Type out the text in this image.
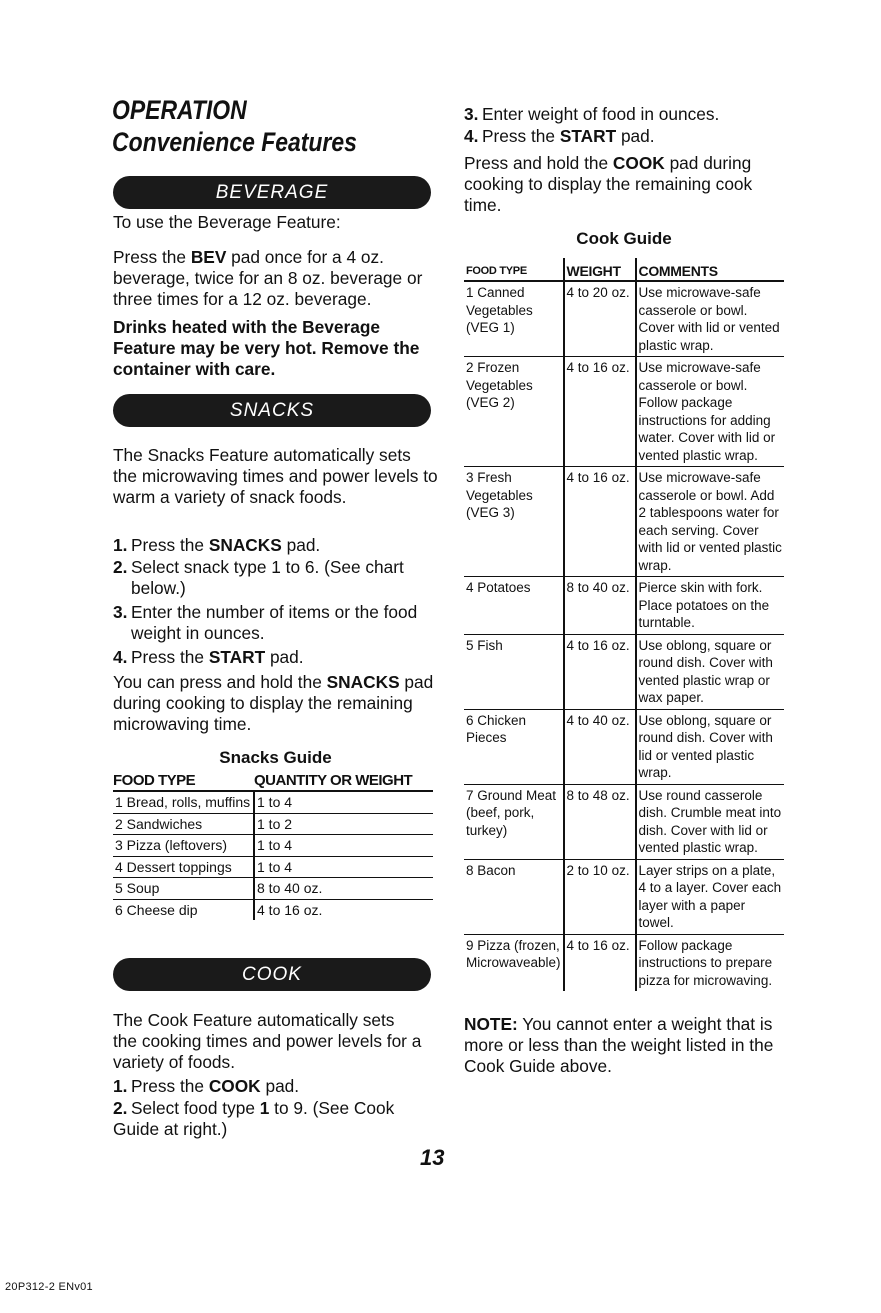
OPERATION
Convenience Features
BEVERAGE

To use the Beverage Feature:

Press the BEV pad once for a 4 oz. beverage, twice for an 8 oz. beverage or three times for a 12 oz. beverage.

Drinks heated with the Beverage Feature may be very hot. Remove the container with care.

SNACKS

The Snacks Feature automatically sets the microwaving times and power levels to warm a variety of snack foods.

1. Press the SNACKS pad.
2. Select snack type 1 to 6. (See chart below.)
3. Enter the number of items or the food weight in ounces.
4. Press the START pad.

You can press and hold the SNACKS pad during cooking to display the remaining microwaving time.

Snacks Guide
FOOD TYPE	QUANTITY OR WEIGHT
1 Bread, rolls, muffins	1 to 4
2 Sandwiches	1 to 2
3 Pizza (leftovers)	1 to 4
4 Dessert toppings	1 to 4
5 Soup	8 to 40 oz.
6 Cheese dip	4 to 16 oz.
COOK

The Cook Feature automatically sets the cooking times and power levels for a variety of foods.

1. Press the COOK pad.
2. Select food type 1 to 9. (See Cook Guide at right.)
3. Enter weight of food in ounces.
4. Press the START pad.

Press and hold the COOK pad during cooking to display the remaining cook time.

Cook Guide
FOOD TYPE	WEIGHT	COMMENTS
1 Canned Vegetables (VEG 1)	4 to 20 oz.	Use microwave-safe casserole or bowl. Cover with lid or vented plastic wrap.
2 Frozen Vegetables (VEG 2)	4 to 16 oz.	Use microwave-safe casserole or bowl. Follow package instructions for adding water. Cover with lid or vented plastic wrap.
3 Fresh Vegetables (VEG 3)	4 to 16 oz.	Use microwave-safe casserole or bowl. Add 2 tablespoons water for each serving. Cover with lid or vented plastic wrap.
4 Potatoes	8 to 40 oz.	Pierce skin with fork. Place potatoes on the turntable.
5 Fish	4 to 16 oz.	Use oblong, square or round dish. Cover with vented plastic wrap or wax paper.
6 Chicken Pieces	4 to 40 oz.	Use oblong, square or round dish. Cover with lid or vented plastic wrap.
7 Ground Meat (beef, pork, turkey)	8 to 48 oz.	Use round casserole dish. Crumble meat into dish. Cover with lid or vented plastic wrap.
8 Bacon	2 to 10 oz.	Layer strips on a plate, 4 to a layer. Cover each layer with a paper towel.
9 Pizza (frozen, Microwaveable)	4 to 16 oz.	Follow package instructions to prepare pizza for microwaving.

NOTE: You cannot enter a weight that is more or less than the weight listed in the Cook Guide above.

13
20P312-2 ENv01
